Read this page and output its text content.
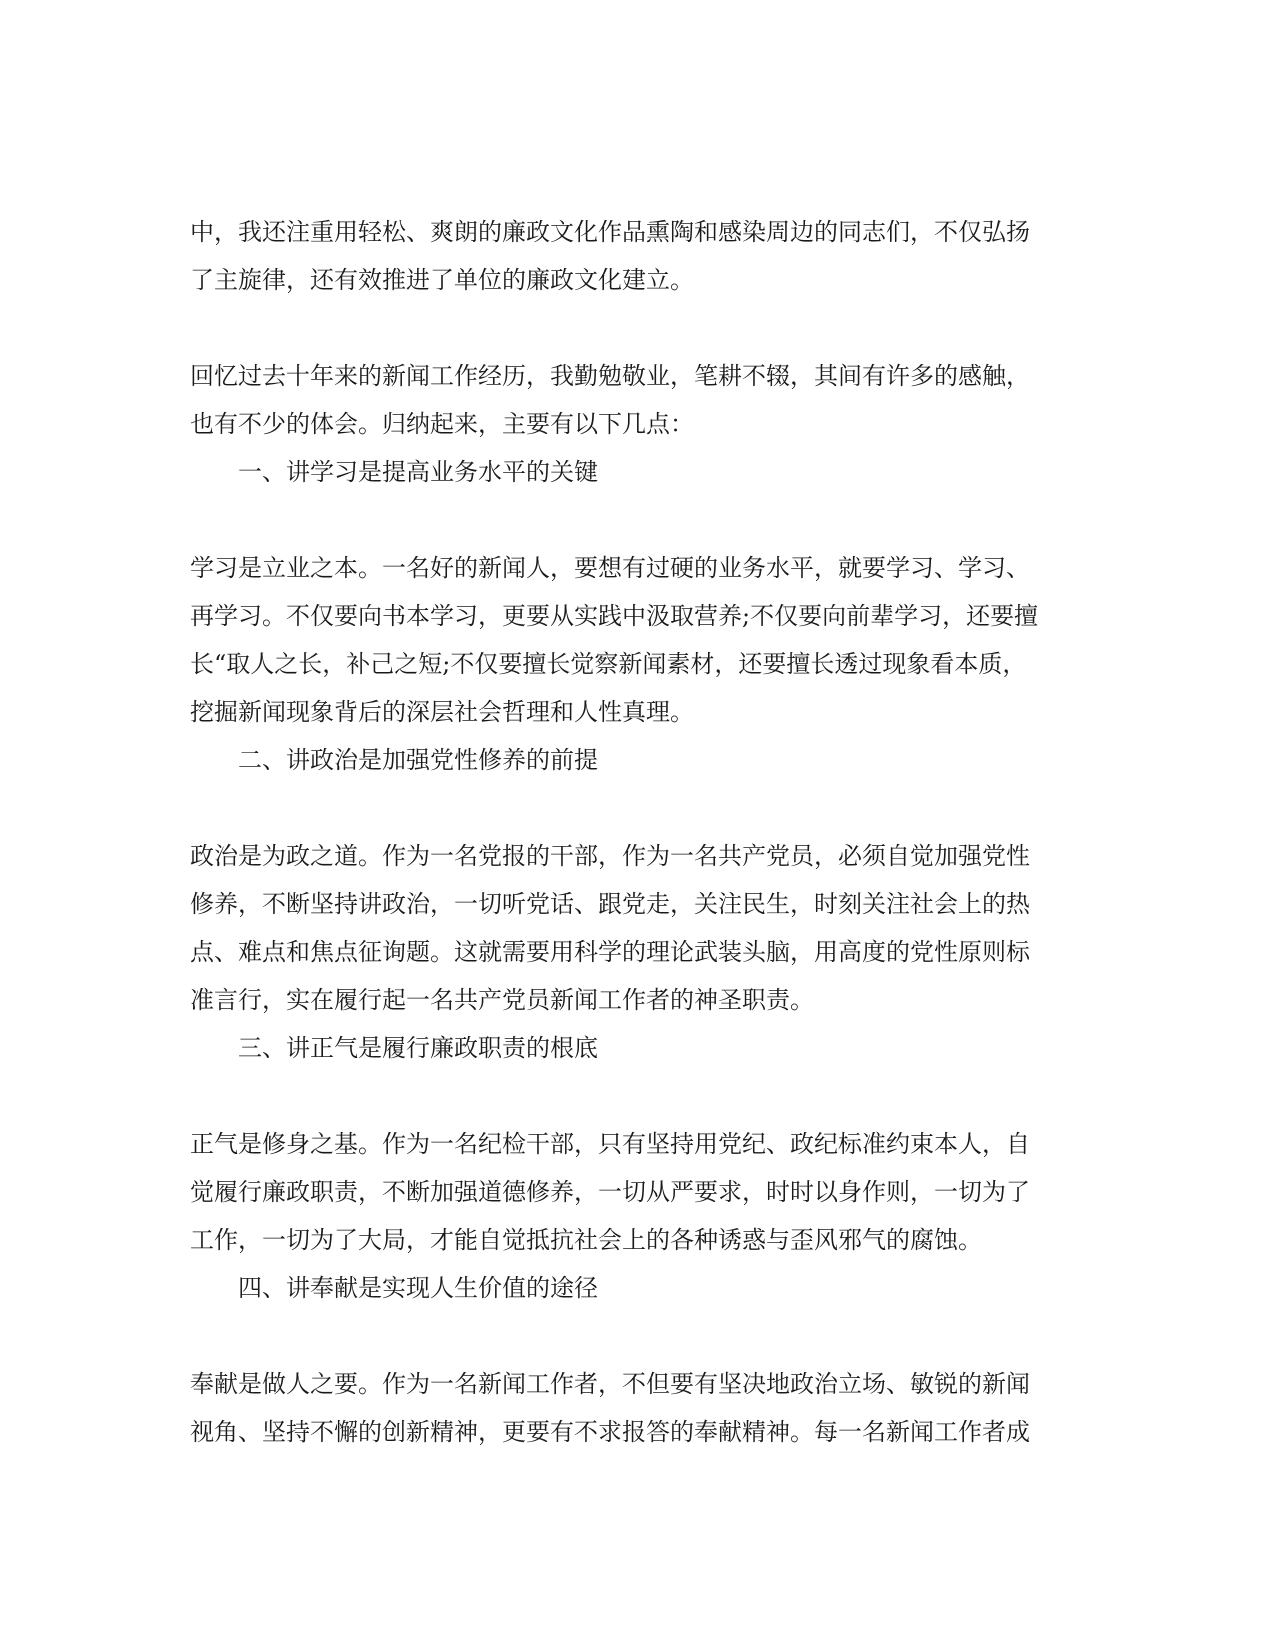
中，我还注重用轻松、爽朗的廉政文化作品熏陶和感染周边的同志们，不仅弘扬
了主旋律，还有效推进了单位的廉政文化建立。
回忆过去十年来的新闻工作经历，我勤勉敬业，笔耕不辍，其间有许多的感触，
也有不少的体会。归纳起来，主要有以下几点：
一、讲学习是提高业务水平的关键
学习是立业之本。一名好的新闻人，要想有过硬的业务水平，就要学习、学习、
再学习。不仅要向书本学习，更要从实践中汲取营养;不仅要向前辈学习，还要擅
长“取人之长，补己之短;不仅要擅长觉察新闻素材，还要擅长透过现象看本质，
挖掘新闻现象背后的深层社会哲理和人性真理。
二、讲政治是加强党性修养的前提
政治是为政之道。作为一名党报的干部，作为一名共产党员，必须自觉加强党性
修养，不断坚持讲政治，一切听党话、跟党走，关注民生，时刻关注社会上的热
点、难点和焦点征询题。这就需要用科学的理论武装头脑，用高度的党性原则标
准言行，实在履行起一名共产党员新闻工作者的神圣职责。
三、讲正气是履行廉政职责的根底
正气是修身之基。作为一名纪检干部，只有坚持用党纪、政纪标准约束本人，自
觉履行廉政职责，不断加强道德修养，一切从严要求，时时以身作则，一切为了
工作，一切为了大局，才能自觉抵抗社会上的各种诱惑与歪风邪气的腐蚀。
四、讲奉献是实现人生价值的途径
奉献是做人之要。作为一名新闻工作者，不但要有坚决地政治立场、敏锐的新闻
视角、坚持不懈的创新精神，更要有不求报答的奉献精神。每一名新闻工作者成
